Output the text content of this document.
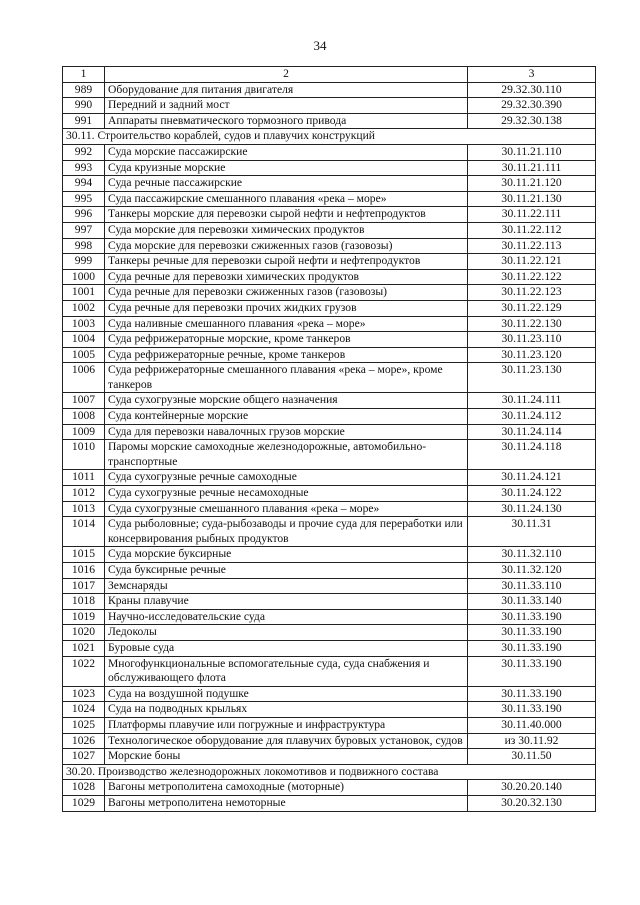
34
1	2	3
989	Оборудование для питания двигателя	29.32.30.110
990	Передний и задний мост	29.32.30.390
991	Аппараты пневматического тормозного привода	29.32.30.138
30.11. Строительство кораблей, судов и плавучих конструкций		
992	Суда морские пассажирские	30.11.21.110
993	Суда круизные морские	30.11.21.111
994	Суда речные пассажирские	30.11.21.120
995	Суда пассажирские смешанного плавания «река – море»	30.11.21.130
996	Танкеры морские для перевозки сырой нефти и нефтепродуктов	30.11.22.111
997	Суда морские для перевозки химических продуктов	30.11.22.112
998	Суда морские для перевозки сжиженных газов (газовозы)	30.11.22.113
999	Танкеры речные для перевозки сырой нефти и нефтепродуктов	30.11.22.121
1000	Суда речные для перевозки химических продуктов	30.11.22.122
1001	Суда речные для перевозки сжиженных газов (газовозы)	30.11.22.123
1002	Суда речные для перевозки прочих жидких грузов	30.11.22.129
1003	Суда наливные смешанного плавания «река – море»	30.11.22.130
1004	Суда рефрижераторные морские, кроме танкеров	30.11.23.110
1005	Суда рефрижераторные речные, кроме танкеров	30.11.23.120
1006	Суда рефрижераторные смешанного плавания «река – море», кроме танкеров	30.11.23.130
1007	Суда сухогрузные морские общего назначения	30.11.24.111
1008	Суда контейнерные морские	30.11.24.112
1009	Суда для перевозки навалочных грузов морские	30.11.24.114
1010	Паромы морские самоходные железнодорожные, автомобильно-транспортные	30.11.24.118
1011	Суда сухогрузные речные самоходные	30.11.24.121
1012	Суда сухогрузные речные несамоходные	30.11.24.122
1013	Суда сухогрузные смешанного плавания «река – море»	30.11.24.130
1014	Суда рыболовные; суда-рыбозаводы и прочие суда для переработки или консервирования рыбных продуктов	30.11.31
1015	Суда морские буксирные	30.11.32.110
1016	Суда буксирные речные	30.11.32.120
1017	Земснаряды	30.11.33.110
1018	Краны плавучие	30.11.33.140
1019	Научно-исследовательские суда	30.11.33.190
1020	Ледоколы	30.11.33.190
1021	Буровые суда	30.11.33.190
1022	Многофункциональные вспомогательные суда, суда снабжения и обслуживающего флота	30.11.33.190
1023	Суда на воздушной подушке	30.11.33.190
1024	Суда на подводных крыльях	30.11.33.190
1025	Платформы плавучие или погружные и инфраструктура	30.11.40.000
1026	Технологическое оборудование для плавучих буровых установок, судов	из 30.11.92
1027	Морские боны	30.11.50
30.20. Производство железнодорожных локомотивов и подвижного состава		
1028	Вагоны метрополитена самоходные (моторные)	30.20.20.140
1029	Вагоны метрополитена немоторные	30.20.32.130
